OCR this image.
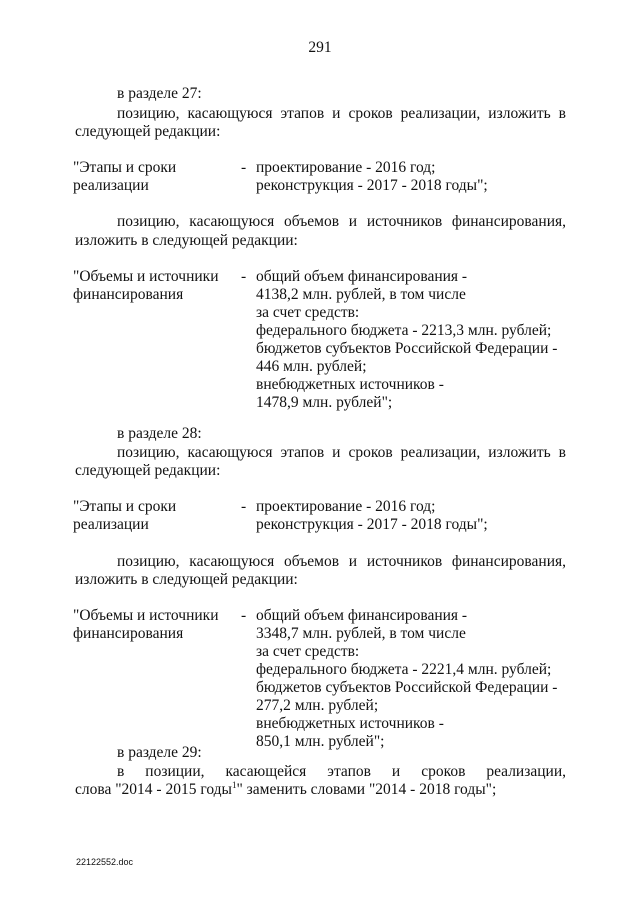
291
в разделе 27:
позицию, касающуюся этапов и сроков реализации, изложить в
следующей редакции:
"Этапы и сроки
реализации
- проектирование - 2016 год;
реконструкция - 2017 - 2018 годы";
позицию, касающуюся объемов и источников финансирования,
изложить в следующей редакции:
"Объемы и источники
финансирования
- общий объем финансирования -
4138,2 млн. рублей, в том числе
за счет средств:
федерального бюджета - 2213,3 млн. рублей;
бюджетов субъектов Российской Федерации -
446 млн. рублей;
внебюджетных источников -
1478,9 млн. рублей";
в разделе 28:
позицию, касающуюся этапов и сроков реализации, изложить в
следующей редакции:
"Этапы и сроки
реализации
- проектирование - 2016 год;
реконструкция - 2017 - 2018 годы";
позицию, касающуюся объемов и источников финансирования,
изложить в следующей редакции:
"Объемы и источники
финансирования
- общий объем финансирования -
3348,7 млн. рублей, в том числе
за счет средств:
федерального бюджета - 2221,4 млн. рублей;
бюджетов субъектов Российской Федерации -
277,2 млн. рублей;
внебюджетных источников -
850,1 млн. рублей";
в разделе 29:
в позиции, касающейся этапов и сроков реализации,
слова "2014 - 2015 годы$^1$" заменить словами "2014 - 2018 годы";
22122552.doc
